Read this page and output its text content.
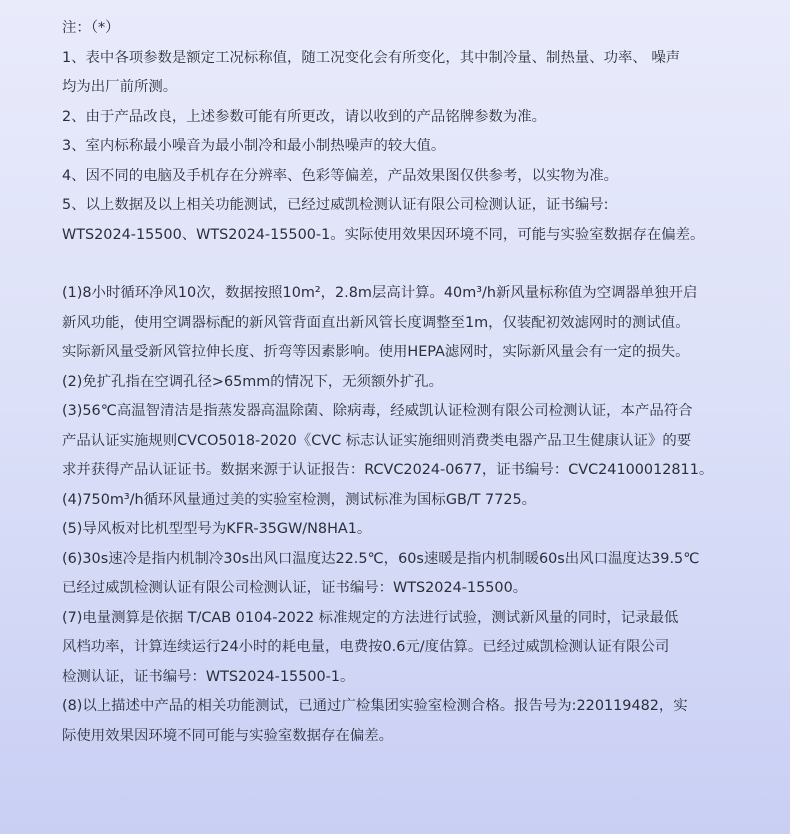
注：（*）
1、表中各项参数是额定工况标称值，随工况变化会有所变化，其中制冷量、制热量、功率、 噪声
均为出厂前所测。
2、由于产品改良，上述参数可能有所更改，请以收到的产品铭牌参数为准。
3、室内标称最小噪音为最小制冷和最小制热噪声的较大值。
4、因不同的电脑及手机存在分辨率、色彩等偏差，产品效果图仅供参考，以实物为准。
5、以上数据及以上相关功能测试，已经过威凯检测认证有限公司检测认证，证书编号:
WTS2024-15500、WTS2024-15500-1。实际使用效果因环境不同，可能与实验室数据存在偏差。
(1)8小时循环净风10次，数据按照10m²，2.8m层高计算。40m³/h新风量标称值为空调器单独开启
新风功能，使用空调器标配的新风管背面直出新风管长度调整至1m，仅装配初效滤网时的测试值。
实际新风量受新风管拉伸长度、折弯等因素影响。使用HEPA滤网时，实际新风量会有一定的损失。
(2)免扩孔指在空调孔径>65mm的情况下，无须额外扩孔。
(3)56℃高温智清洁是指蒸发器高温除菌、除病毒，经威凯认证检测有限公司检测认证，本产品符合
产品认证实施规则CVCO5018-2020《CVC 标志认证实施细则消费类电器产品卫生健康认证》的要
求并获得产品认证证书。数据来源于认证报告：RCVC2024-0677，证书编号：CVC24100012811。
(4)750m³/h循环风量通过美的实验室检测，测试标准为国标GB/T 7725。
(5)导风板对比机型型号为KFR-35GW/N8HA1。
(6)30s速冷是指内机制冷30s出风口温度达22.5℃，60s速暖是指内机制暖60s出风口温度达39.5℃
已经过威凯检测认证有限公司检测认证，证书编号：WTS2024-15500。
(7)电量测算是依据 T/CAB 0104-2022 标准规定的方法进行试验，测试新风量的同时，记录最低
风档功率，计算连续运行24小时的耗电量，电费按0.6元/度估算。已经过威凯检测认证有限公司
检测认证，证书编号：WTS2024-15500-1。
(8)以上描述中产品的相关功能测试，已通过广检集团实验室检测合格。报告号为:220119482，实
际使用效果因环境不同可能与实验室数据存在偏差。
